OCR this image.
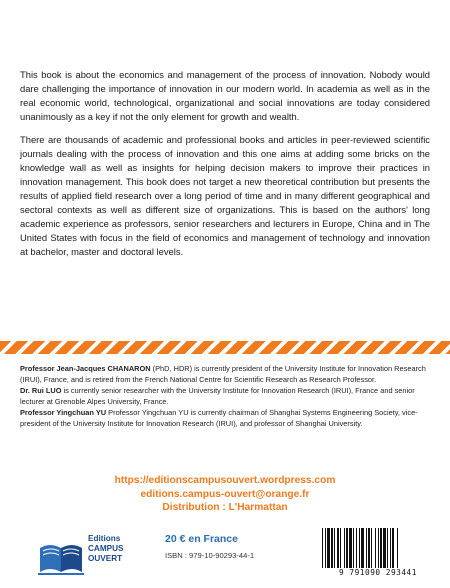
This book is about the economics and management of the process of innovation. Nobody would dare challenging the importance of innovation in our modern world. In academia as well as in the real economic world, technological, organizational and social innovations are today considered unanimously as a key if not the only element for growth and wealth.

There are thousands of academic and professional books and articles in peer-reviewed scientific journals dealing with the process of innovation and this one aims at adding some bricks on the knowledge wall as well as insights for helping decision makers to improve their practices in innovation management. This book does not target a new theoretical contribution but presents the results of applied field research over a long period of time and in many different geographical and sectoral contexts as well as different size of organizations. This is based on the authors' long academic experience as professors, senior researchers and lecturers in Europe, China and in The United States with focus in the field of economics and management of technology and innovation at bachelor, master and doctoral levels.

Professor Jean-Jacques CHANARON (PhD, HDR) is currently president of the University Institute for Innovation Research (IRUI), France, and is retired from the French National Centre for Scientific Research as Research Professor.

Dr. Rui LUO is currently senior researcher with the University Institute for Innovation Research (IRUI), France and senior lecturer at Grenoble Alpes University, France.

Professor Yingchuan YU Professor Yingchuan YU is currently chairman of Shanghai Systems Engineering Society, vice-president of the University Institute for Innovation Research (IRUI), and professor of Shanghai University.

https://editionscampusouvert.wordpress.com
editions.campus-ouvert@orange.fr
Distribution : L'Harmattan
Editions
CAMPUS
OUVERT
20 € en France
ISBN : 979-10-90293-44-1
9 791090 293441
